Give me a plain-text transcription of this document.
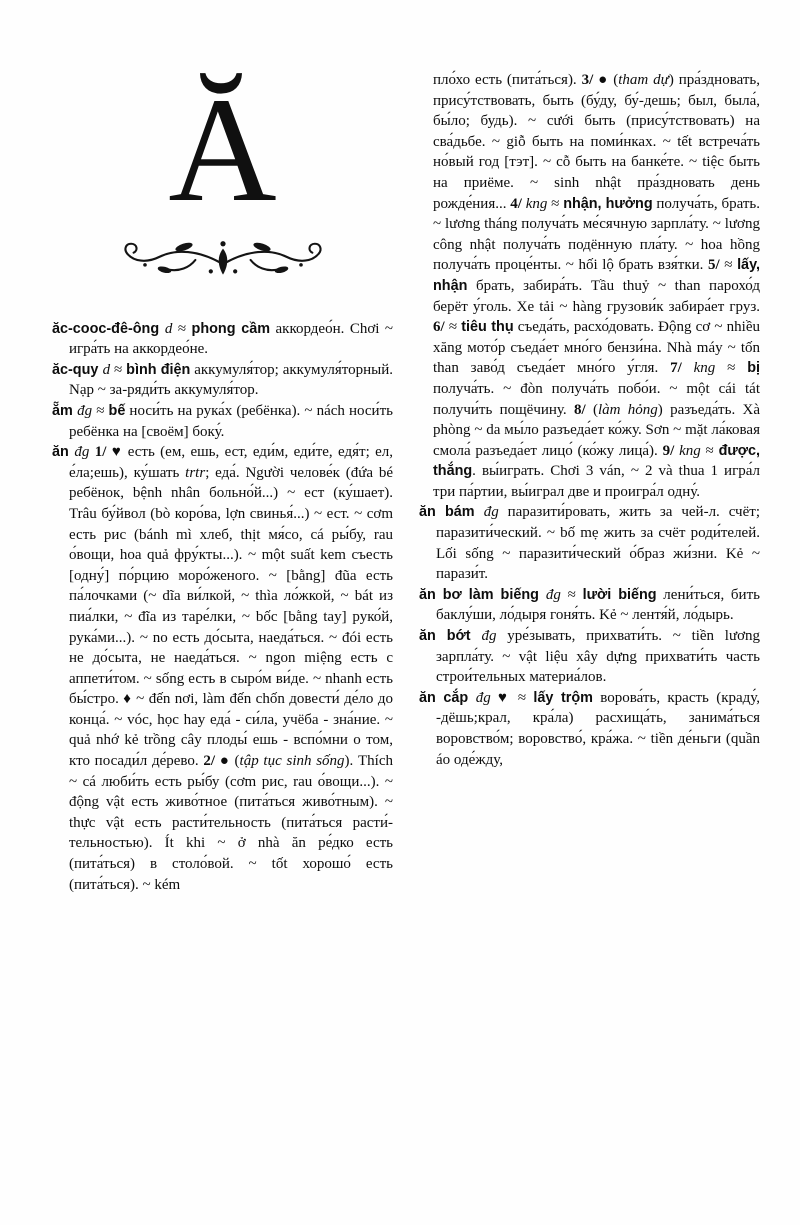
Ă

ăc-cooc-đê-ông d ≈ phong cầm аккордео́н. Chơi ~ игра́ть на аккордео́не.

ăc-quy d ≈ bình điện аккумуля́тор; аккумуля́торный. Nạp ~ за-ряди́ть аккумуля́тор.

ẵm đg ≈ bế носи́ть на рука́х (ребёнка). ~ nách носи́ть ребёнка на [своём] боку́.

ăn đg 1/ ♥ есть (ем, ешь, ест, еди́м, еди́те, едя́т; ел, е́ла;ешь), ку́шать trtr; еда́. Người челове́к (đứa bé ребёнок, bệnh nhân больно́й...) ~ ест (ку́шает). Trâu бу́йвол (bò коро́ва, lợn свинья́...) ~ ест. ~ cơm есть рис (bánh mì хлеб, thịt мя́со, cá ры́бу, rau о́вощи, hoa quả фру́кты...). ~ một suất kem съесть [одну́] по́рцию моро́женого. ~ [bằng] đũa есть па́лочками (~ dĩa ви́лкой, ~ thìa ло́жкой, ~ bát из пиа́лки, ~ đĩa из таре́лки, ~ bốc [bằng tay] руко́й, рука́ми...). ~ no есть до́сыта, наеда́ться. ~ đói есть не до́сыта, не наеда́ться. ~ ngon miệng есть с аппети́том. ~ sống есть в сыро́м ви́де. ~ nhanh есть бы́стро. ♦ ~ đến nơi, làm đến chốn довести́ де́ло до конца́. ~ vóc, học hay еда́ - си́ла, учёба - зна́ние. ~ quả nhớ kẻ trồng cây плоды́ ешь - вспо́мни о том, кто посади́л де́рево. 2/ ● (tập tục sinh sống). Thích ~ cá люби́ть есть ры́бу (cơm рис, rau о́вощи...). ~ động vật есть живо́тное (пита́ться живо́тным). ~ thực vật есть расти́тельность (пита́ться расти́-тельностью). Ít khi ~ ở nhà ăn ре́дко есть (пита́ться) в столо́вой. ~ tốt хорошо́ есть (пита́ться). ~ kém

пло́хо есть (пита́ться). 3/ ● (tham dự) пра́здновать, прису́тствовать, быть (бу́ду, бу́-дешь; был, была́, бы́ло; будь). ~ cưới быть (прису́тствовать) на сва́дьбе. ~ giỗ быть на поми́нках. ~ tết встреча́ть но́вый год [тэт]. ~ cỗ быть на банке́те. ~ tiệc быть на приёме. ~ sinh nhật пра́здновать день рожде́ния... 4/ kng ≈ nhận, hưởng получа́ть, брать. ~ lương tháng получа́ть ме́сячную зарпла́ту. ~ lương công nhật получа́ть подённую пла́ту. ~ hoa hồng получа́ть проце́нты. ~ hối lộ брать взя́тки. 5/ ≈ lấy, nhận брать, забира́ть. Tầu thuỷ ~ than парохо́д берёт у́голь. Xe tải ~ hàng грузови́к забира́ет груз. 6/ ≈ tiêu thụ съеда́ть, расхо́довать. Động cơ ~ nhiều xăng мото́р съеда́ет мно́го бензи́на. Nhà máy ~ tốn than заво́д съеда́ет мно́го у́гля. 7/ kng ≈ bị получа́ть. ~ đòn получа́ть побо́и. ~ một cái tát получи́ть пощёчину. 8/ (làm hỏng) разъеда́ть. Xà phòng ~ da мы́ло разъеда́ет ко́жу. Sơn ~ mặt ла́ковая смола́ разъеда́ет лицо́ (ко́жу лица́). 9/ kng ≈ được, thắng. вы́играть. Chơi 3 ván, ~ 2 và thua 1 игра́л три па́ртии, вы́играл две и проигра́л одну́.

ăn bám đg паразити́ровать, жить за чей-л. счёт; паразити́ческий. ~ bố mẹ жить за счёт роди́телей. Lối sống ~ паразити́ческий о́браз жи́зни. Kẻ ~ парази́т.

ăn bơ làm biếng đg ≈ lười biếng лени́ться, бить баклу́ши, ло́дыря гоня́ть. Kẻ ~ лентя́й, ло́дырь.

ăn bớt đg уре́зывать, прихвати́ть. ~ tiền lương зарпла́ту. ~ vật liệu xây dựng прихвати́ть часть строи́тельных материа́лов.

ăn cắp đg ♥ ≈ lấy trộm ворова́ть, красть (краду́, -дёшь;крал, кра́ла) расхища́ть, занима́ться воровство́м; воровство́, кра́жа. ~ tiền де́ньги (quần áo оде́жду,
